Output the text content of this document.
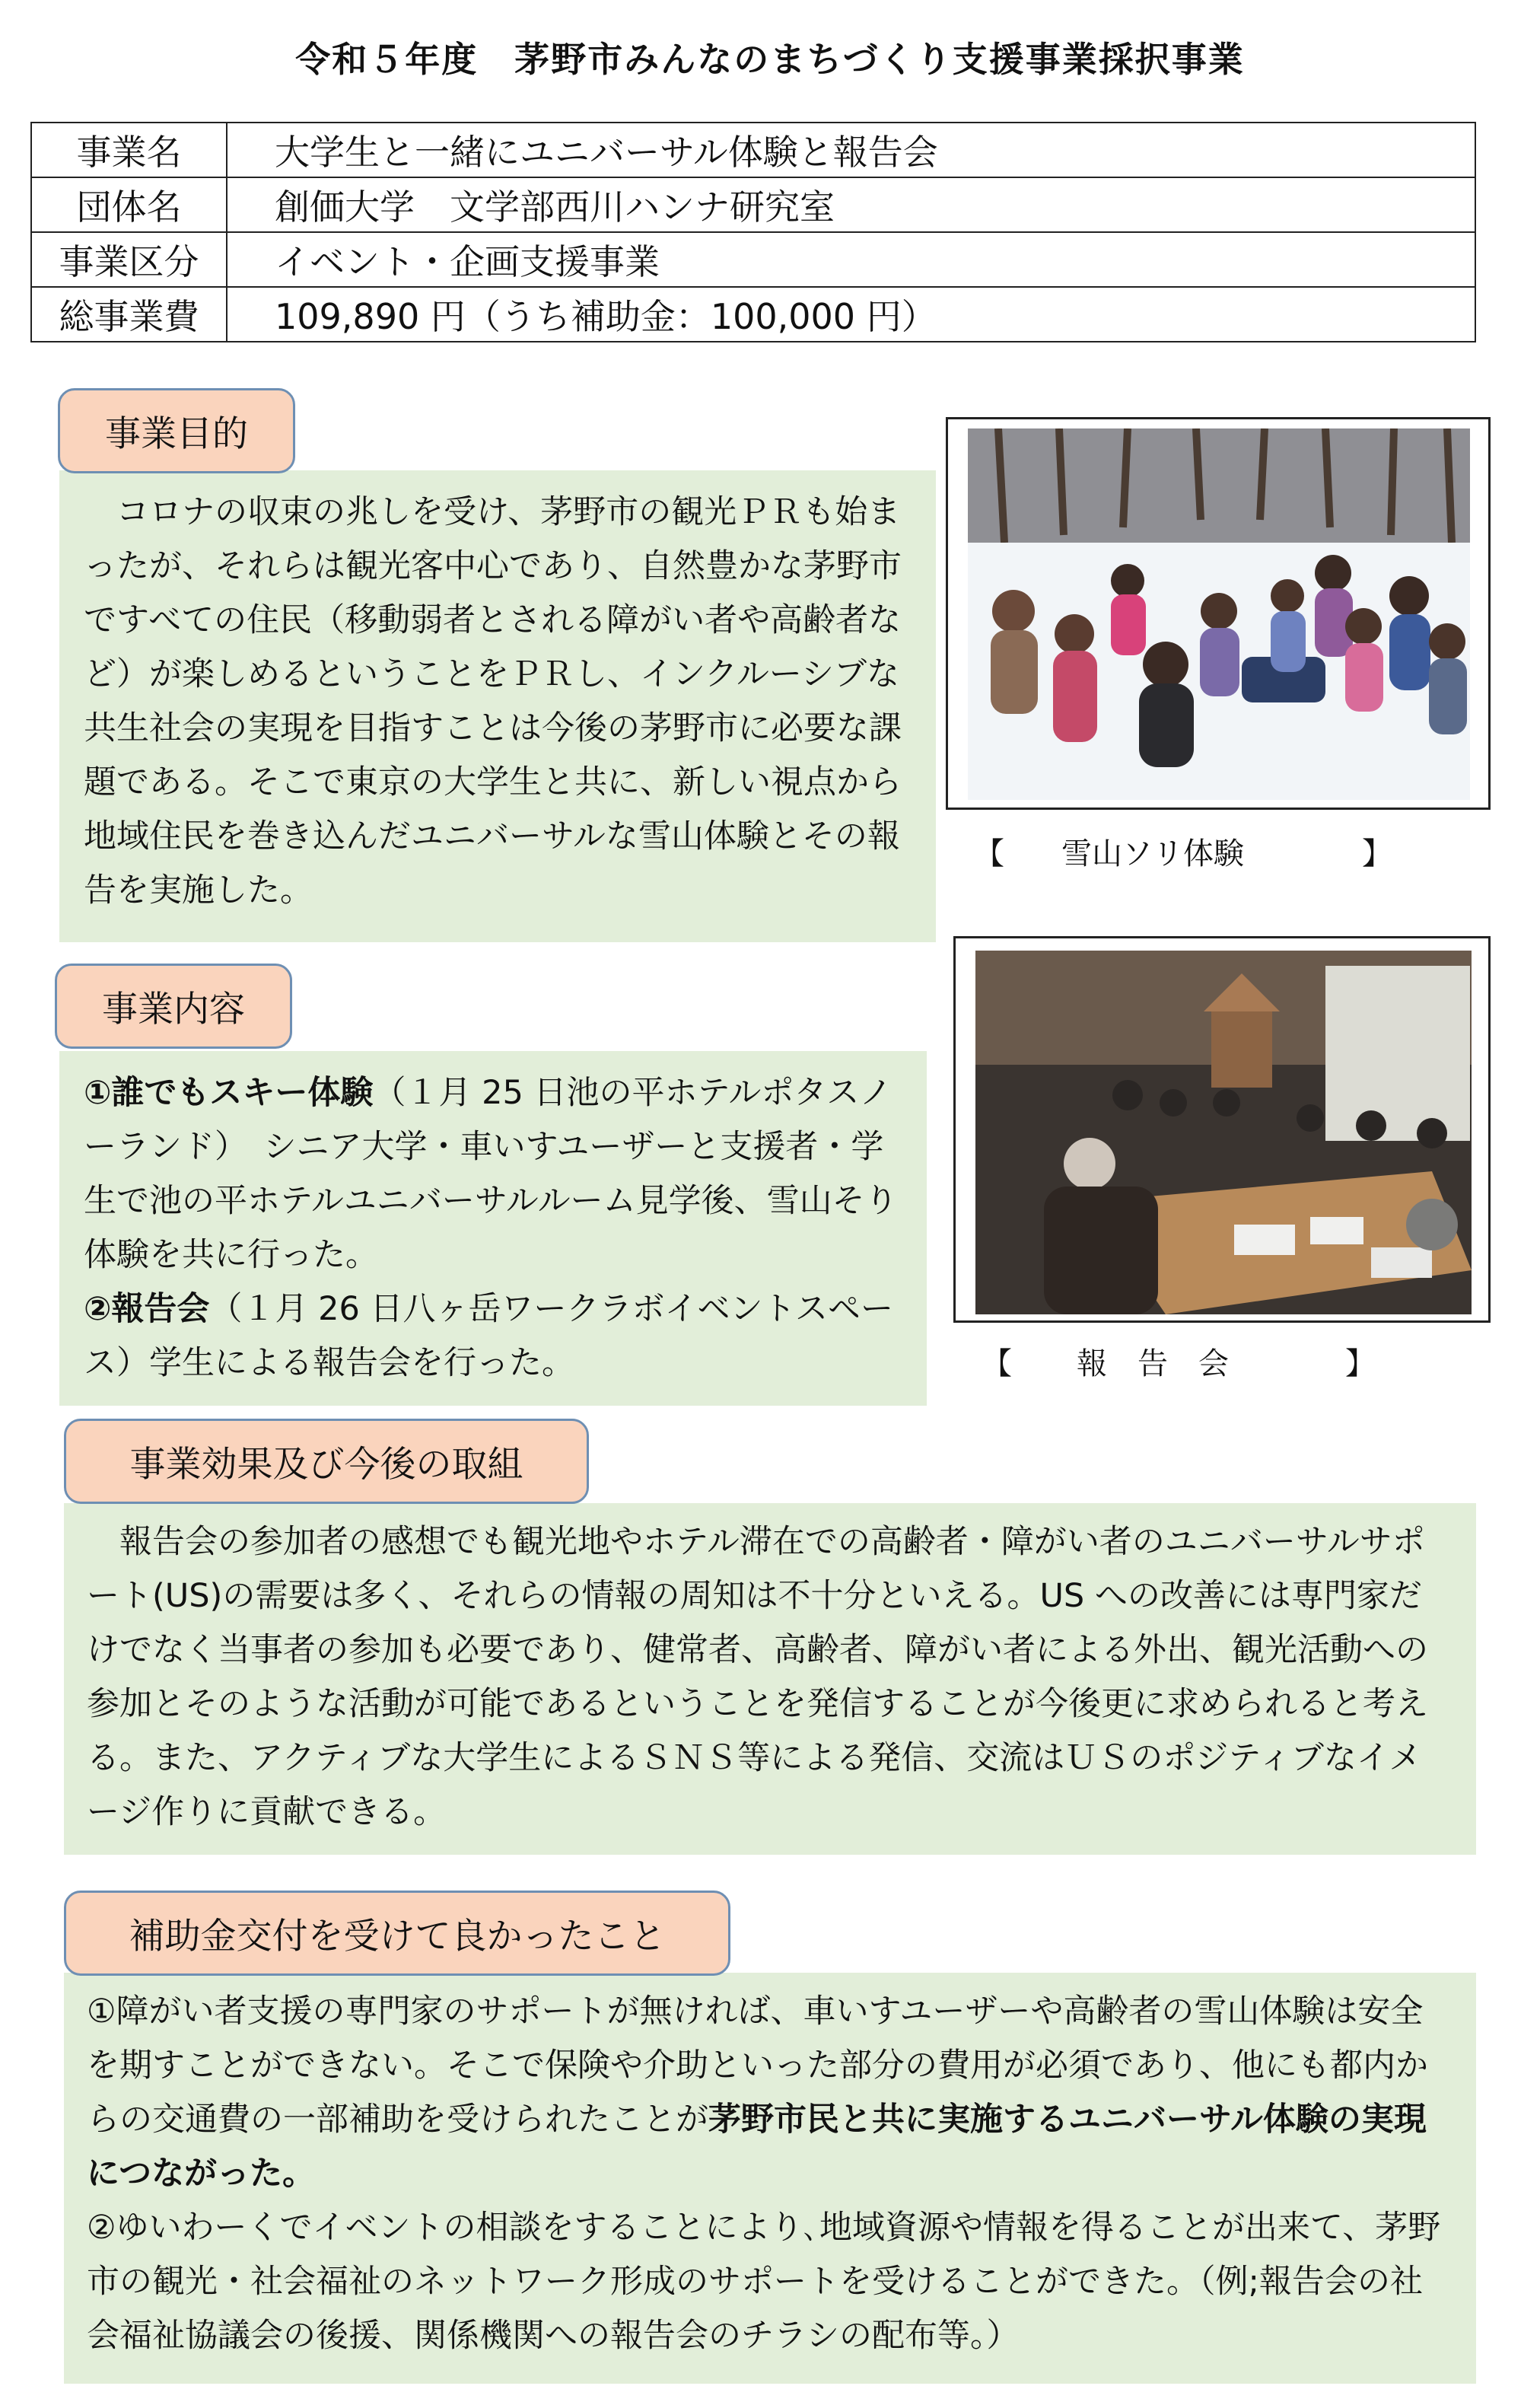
令和５年度　茅野市みんなのまちづくり支援事業採択事業
事業名	大学生と一緒にユニバーサル体験と報告会
団体名	創価大学　文学部西川ハンナ研究室
事業区分	イベント・企画支援事業
総事業費	109,890 円（うち補助金：100,000 円）
事業目的

　コロナの収束の兆しを受け、茅野市の観光ＰＲも始まったが、それらは観光客中心であり、自然豊かな茅野市ですべての住民（移動弱者とされる障がい者や高齢者など）が楽しめるということをＰＲし、インクルーシブな共生社会の実現を目指すことは今後の茅野市に必要な課題である。そこで東京の大学生と共に、新しい視点から地域住民を巻き込んだユニバーサルな雪山体験とその報告を実施した。

【 雪山ソリ体験	】
事業内容

①誰でもスキー体験（１月 25 日池の平ホテルポタスノーランド）　シニア大学・車いすユーザーと支援者・学生で池の平ホテルユニバーサルルーム見学後、雪山そり体験を共に行った。

②報告会（１月 26 日八ヶ岳ワークラボイベントスペース）学生による報告会を行った。	【 報　告　会	】
事業効果及び今後の取組

　報告会の参加者の感想でも観光地やホテル滞在での高齢者・障がい者のユニバーサルサポート(US)の需要は多く、それらの情報の周知は不十分といえる。US への改善には専門家だけでなく当事者の参加も必要であり、健常者、高齢者、障がい者による外出、観光活動への参加とそのような活動が可能であるということを発信することが今後更に求められると考える。また、アクティブな大学生によるＳＮＳ等による発信、交流はＵＳのポジティブなイメージ作りに貢献できる。

補助金交付を受けて良かったこと

①障がい者支援の専門家のサポートが無ければ、車いすユーザーや高齢者の雪山体験は安全を期すことができない。そこで保険や介助といった部分の費用が必須であり、他にも都内からの交通費の一部補助を受けられたことが茅野市民と共に実施するユニバーサル体験の実現につながった。

②ゆいわーくでイベントの相談をすることにより､地域資源や情報を得ることが出来て、茅野市の観光・社会福祉のネットワーク形成のサポートを受けることができた。（例;報告会の社会福祉協議会の後援、関係機関への報告会のチラシの配布等。）
